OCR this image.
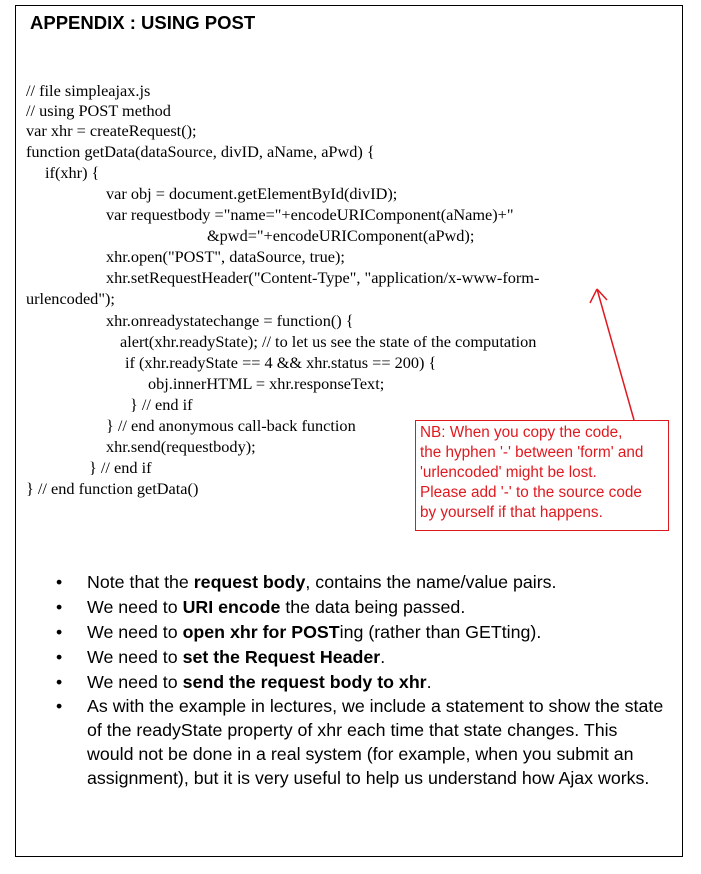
APPENDIX : USING POST
// file simpleajax.js
// using POST method
var xhr = createRequest();
function getData(dataSource, divID, aName, aPwd) {
if(xhr) {
var obj = document.getElementById(divID);
var requestbody ="name="+encodeURIComponent(aName)+"
&pwd="+encodeURIComponent(aPwd);
xhr.open("POST", dataSource, true);
xhr.setRequestHeader("Content-Type", "application/x-www-form-
urlencoded");
xhr.onreadystatechange = function() {
alert(xhr.readyState); // to let us see the state of the computation
if (xhr.readyState == 4 && xhr.status == 200) {
obj.innerHTML = xhr.responseText;
} // end if
} // end anonymous call-back function
xhr.send(requestbody);
} // end if
} // end function getData()
NB: When you copy the code,
the hyphen '-' between 'form' and
'urlencoded' might be lost.
Please add '-' to the source code
by yourself if that happens.
• Note that the request body, contains the name/value pairs.
• We need to URI encode the data being passed.
• We need to open xhr for POSTing (rather than GETting).
• We need to set the Request Header.
• We need to send the request body to xhr.
• As with the example in lectures, we include a statement to show the state of the readyState property of xhr each time that state changes. This would not be done in a real system (for example, when you submit an assignment), but it is very useful to help us understand how Ajax works.
